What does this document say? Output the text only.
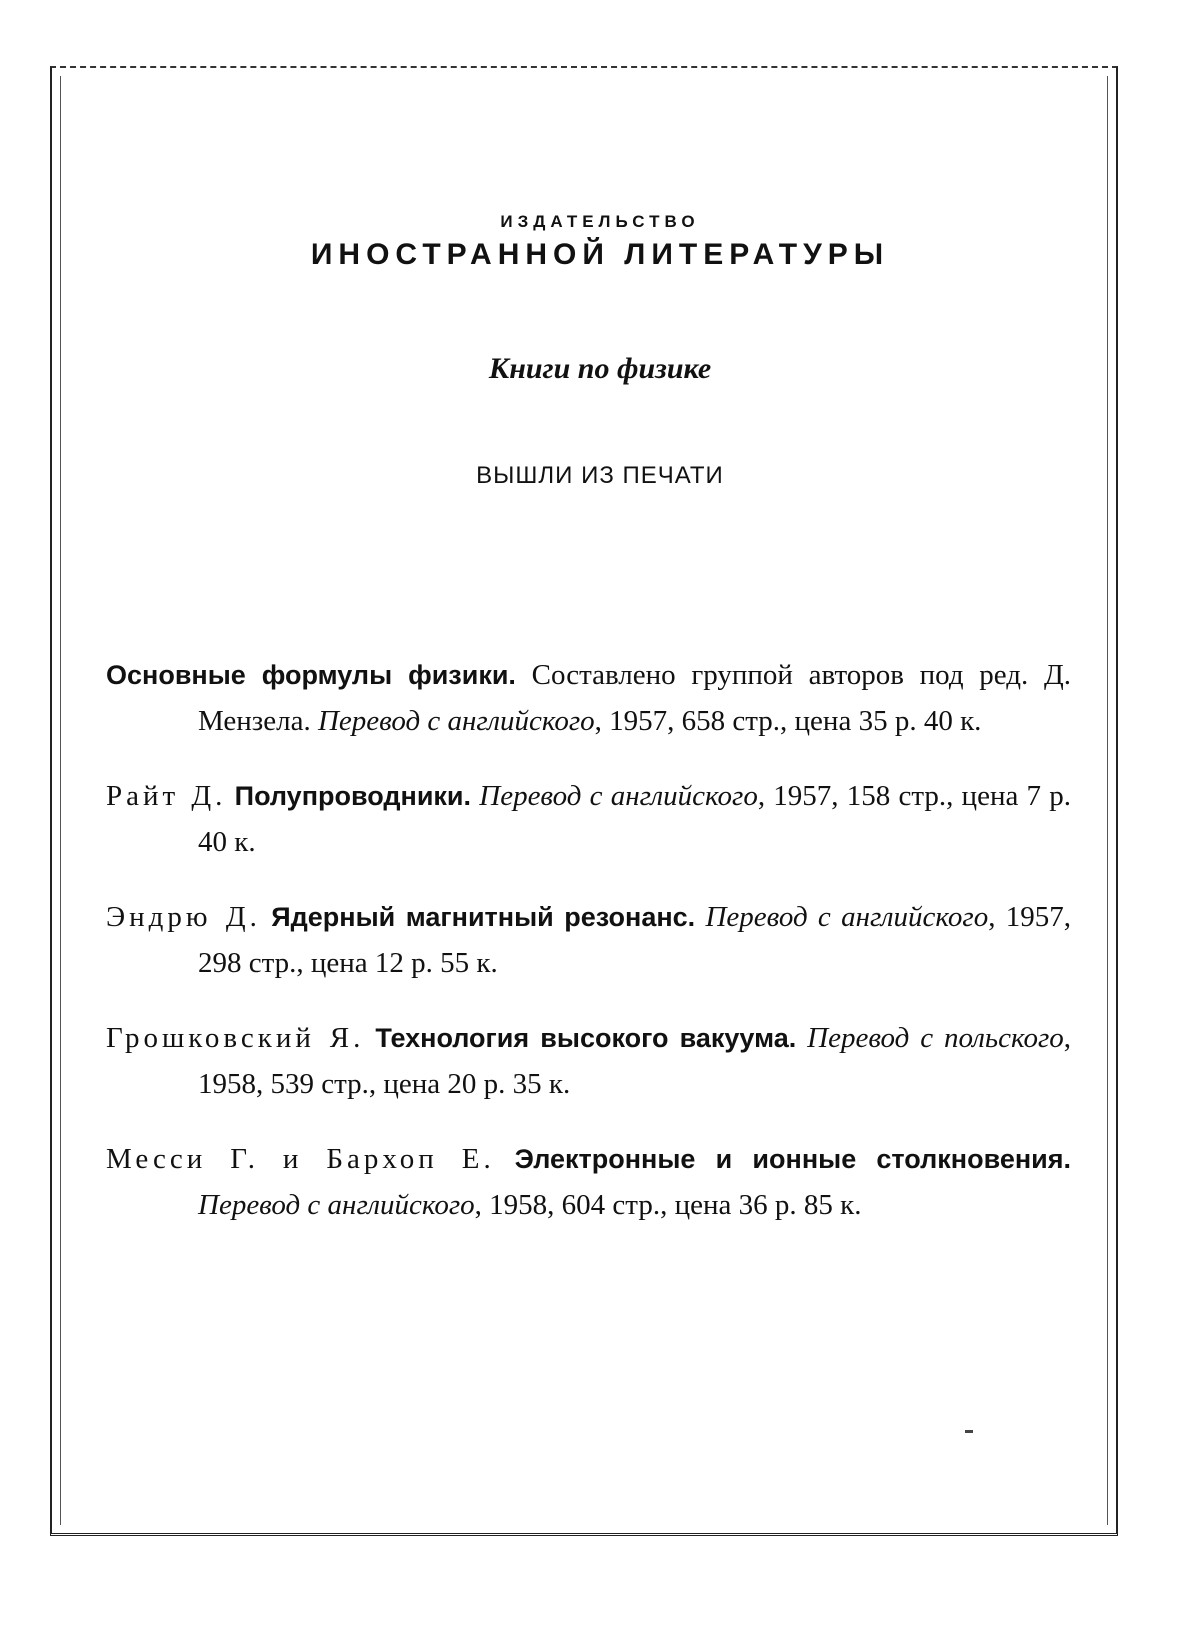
ИЗДАТЕЛЬСТВО
ИНОСТРАННОЙ ЛИТЕРАТУРЫ
Книги по физике
ВЫШЛИ ИЗ ПЕЧАТИ

Основные формулы физики. Составлено группой авторов под ред. Д. Мензела. Перевод с английского, 1957, 658 стр., цена 35 р. 40 к.

Райт Д. Полупроводники. Перевод с английского, 1957, 158 стр., цена 7 р. 40 к.

Эндрю Д. Ядерный магнитный резонанс. Перевод с английского, 1957, 298 стр., цена 12 р. 55 к.

Грошковский Я. Технология высокого вакуума. Перевод с польского, 1958, 539 стр., цена 20 р. 35 к.

Месси Г. и Бархоп Е. Электронные и ионные столкновения. Перевод с английского, 1958, 604 стр., цена 36 р. 85 к.
